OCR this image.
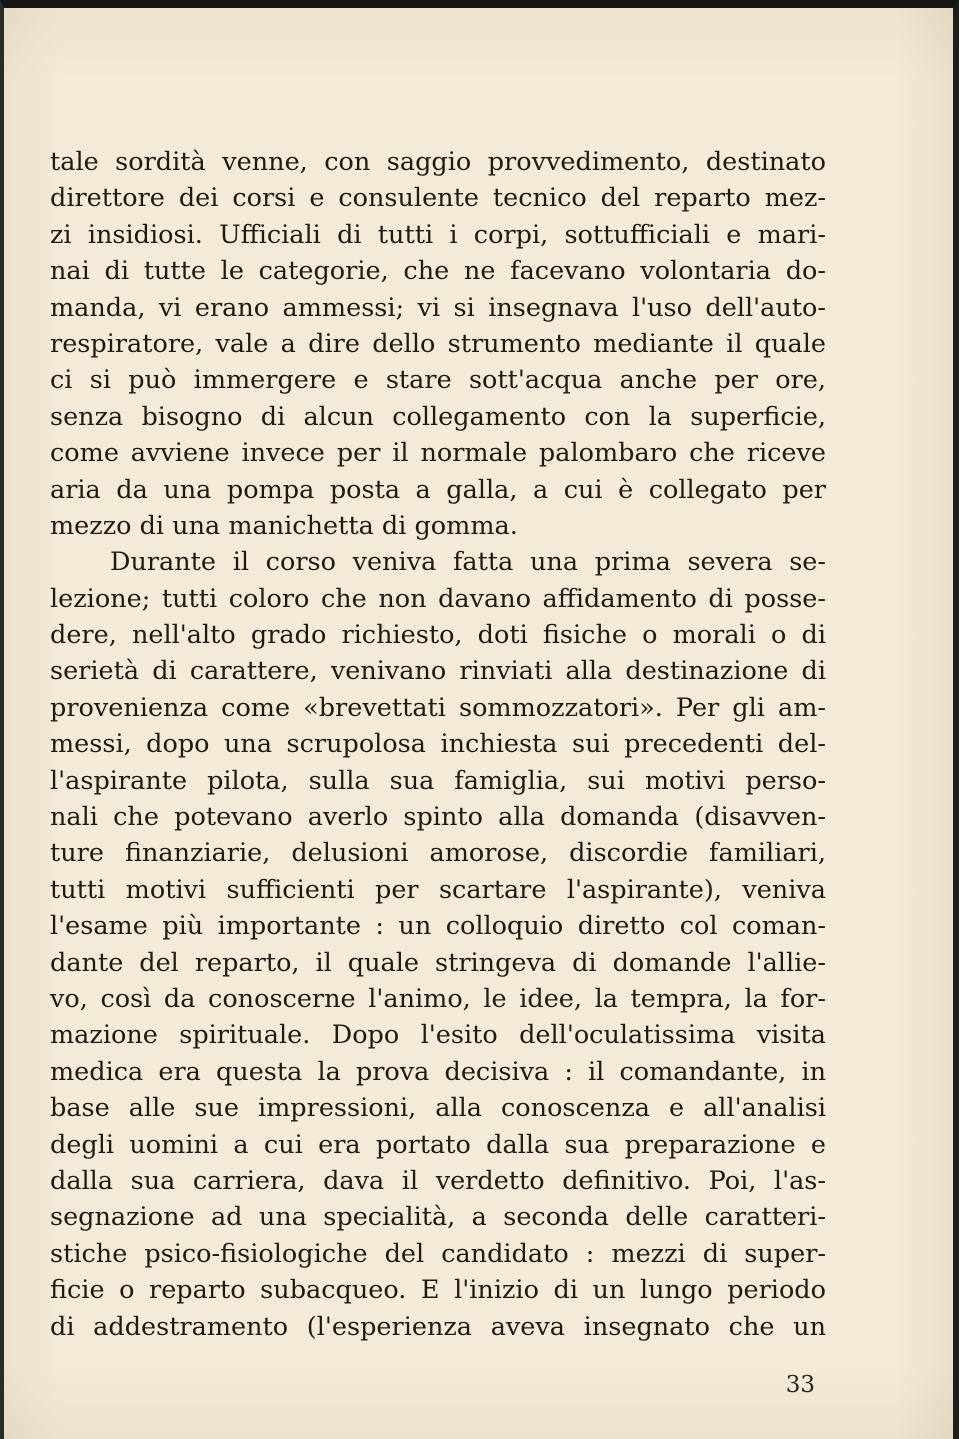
tale sordità venne, con saggio provvedimento, destinato
direttore dei corsi e consulente tecnico del reparto mez-
zi insidiosi. Ufficiali di tutti i corpi, sottufficiali e mari-
nai di tutte le categorie, che ne facevano volontaria do-
manda, vi erano ammessi; vi si insegnava l'uso dell'auto-
respiratore, vale a dire dello strumento mediante il quale
ci si può immergere e stare sott'acqua anche per ore,
senza bisogno di alcun collegamento con la superficie,
come avviene invece per il normale palombaro che riceve
aria da una pompa posta a galla, a cui è collegato per
mezzo di una manichetta di gomma.
Durante il corso veniva fatta una prima severa se-
lezione; tutti coloro che non davano affidamento di posse-
dere, nell'alto grado richiesto, doti fisiche o morali o di
serietà di carattere, venivano rinviati alla destinazione di
provenienza come «brevettati sommozzatori». Per gli am-
messi, dopo una scrupolosa inchiesta sui precedenti del-
l'aspirante pilota, sulla sua famiglia, sui motivi perso-
nali che potevano averlo spinto alla domanda (disavven-
ture finanziarie, delusioni amorose, discordie familiari,
tutti motivi sufficienti per scartare l'aspirante), veniva
l'esame più importante : un colloquio diretto col coman-
dante del reparto, il quale stringeva di domande l'allie-
vo, così da conoscerne l'animo, le idee, la tempra, la for-
mazione spirituale. Dopo l'esito dell'oculatissima visita
medica era questa la prova decisiva : il comandante, in
base alle sue impressioni, alla conoscenza e all'analisi
degli uomini a cui era portato dalla sua preparazione e
dalla sua carriera, dava il verdetto definitivo. Poi, l'as-
segnazione ad una specialità, a seconda delle caratteri-
stiche psico-fisiologiche del candidato : mezzi di super-
ficie o reparto subacqueo. E l'inizio di un lungo periodo
di addestramento (l'esperienza aveva insegnato che un
33
